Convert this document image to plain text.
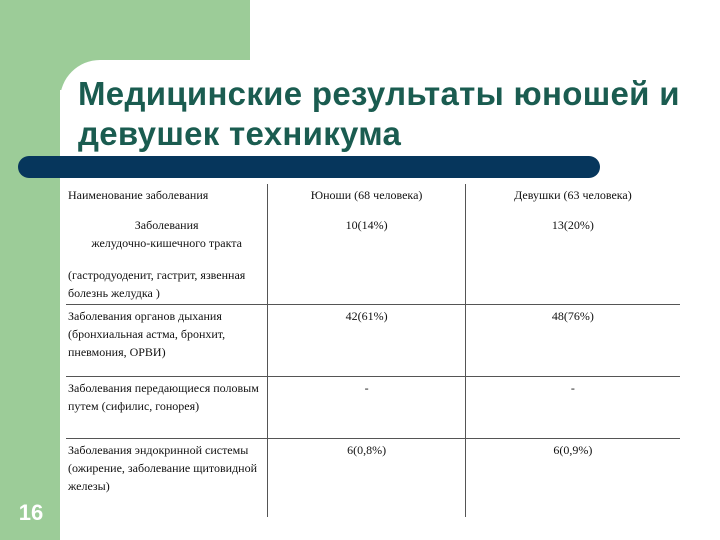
16
Медицинские результаты юношей и девушек техникума
Наименование заболевания	Юноши (68 человека)	Девушки (63 человека)

Заболевания
желудочно-кишечного тракта
(гастродуоденит, гастрит, язвенная болезнь желудка )	10(14%)	13(20%)
Заболевания органов дыхания (бронхиальная астма, бронхит, пневмония, ОРВИ)	42(61%)	48(76%)
Заболевания передающиеся половым путем (сифилис, гонорея)	-	-
Заболевания эндокринной системы (ожирение, заболевание щитовидной железы)	6(0,8%)	6(0,9%)
